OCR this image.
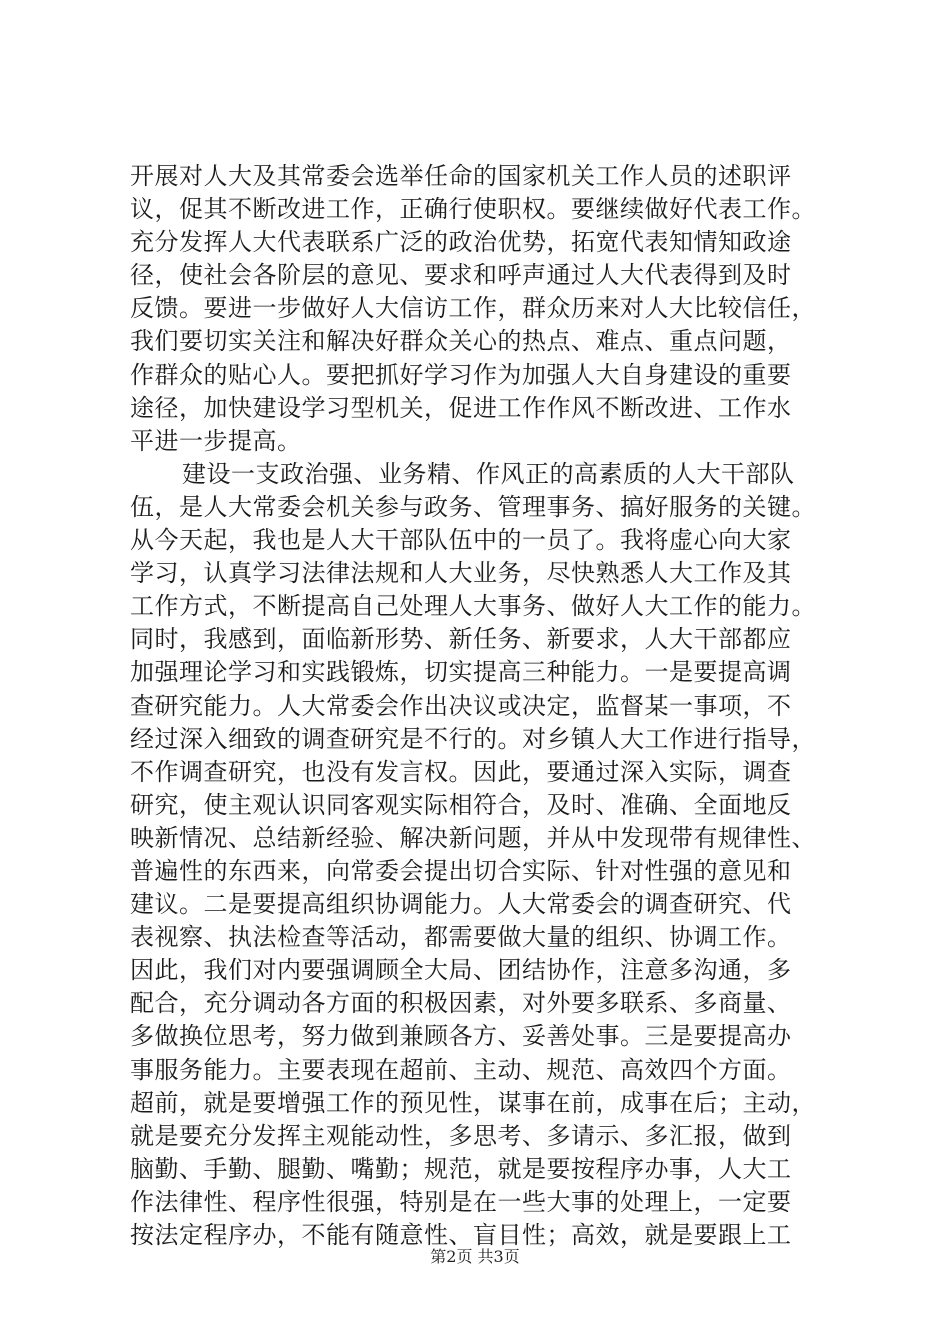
开展对人大及其常委会选举任命的国家机关工作人员的述职评
议，促其不断改进工作，正确行使职权。要继续做好代表工作。
充分发挥人大代表联系广泛的政治优势，拓宽代表知情知政途
径，使社会各阶层的意见、要求和呼声通过人大代表得到及时
反馈。要进一步做好人大信访工作，群众历来对人大比较信任，
我们要切实关注和解决好群众关心的热点、难点、重点问题，
作群众的贴心人。要把抓好学习作为加强人大自身建设的重要
途径，加快建设学习型机关，促进工作作风不断改进、工作水
平进一步提高。
建设一支政治强、业务精、作风正的高素质的人大干部队
伍，是人大常委会机关参与政务、管理事务、搞好服务的关键。
从今天起，我也是人大干部队伍中的一员了。我将虚心向大家
学习，认真学习法律法规和人大业务，尽快熟悉人大工作及其
工作方式，不断提高自己处理人大事务、做好人大工作的能力。
同时，我感到，面临新形势、新任务、新要求，人大干部都应
加强理论学习和实践锻炼，切实提高三种能力。一是要提高调
查研究能力。人大常委会作出决议或决定，监督某一事项，不
经过深入细致的调查研究是不行的。对乡镇人大工作进行指导，
不作调查研究，也没有发言权。因此，要通过深入实际，调查
研究，使主观认识同客观实际相符合，及时、准确、全面地反
映新情况、总结新经验、解决新问题，并从中发现带有规律性、
普遍性的东西来，向常委会提出切合实际、针对性强的意见和
建议。二是要提高组织协调能力。人大常委会的调查研究、代
表视察、执法检查等活动，都需要做大量的组织、协调工作。
因此，我们对内要强调顾全大局、团结协作，注意多沟通，多
配合，充分调动各方面的积极因素，对外要多联系、多商量、
多做换位思考，努力做到兼顾各方、妥善处事。三是要提高办
事服务能力。主要表现在超前、主动、规范、高效四个方面。
超前，就是要增强工作的预见性，谋事在前，成事在后；主动，
就是要充分发挥主观能动性，多思考、多请示、多汇报，做到
脑勤、手勤、腿勤、嘴勤；规范，就是要按程序办事，人大工
作法律性、程序性很强，特别是在一些大事的处理上，一定要
按法定程序办，不能有随意性、盲目性；高效，就是要跟上工
第2页 共3页
